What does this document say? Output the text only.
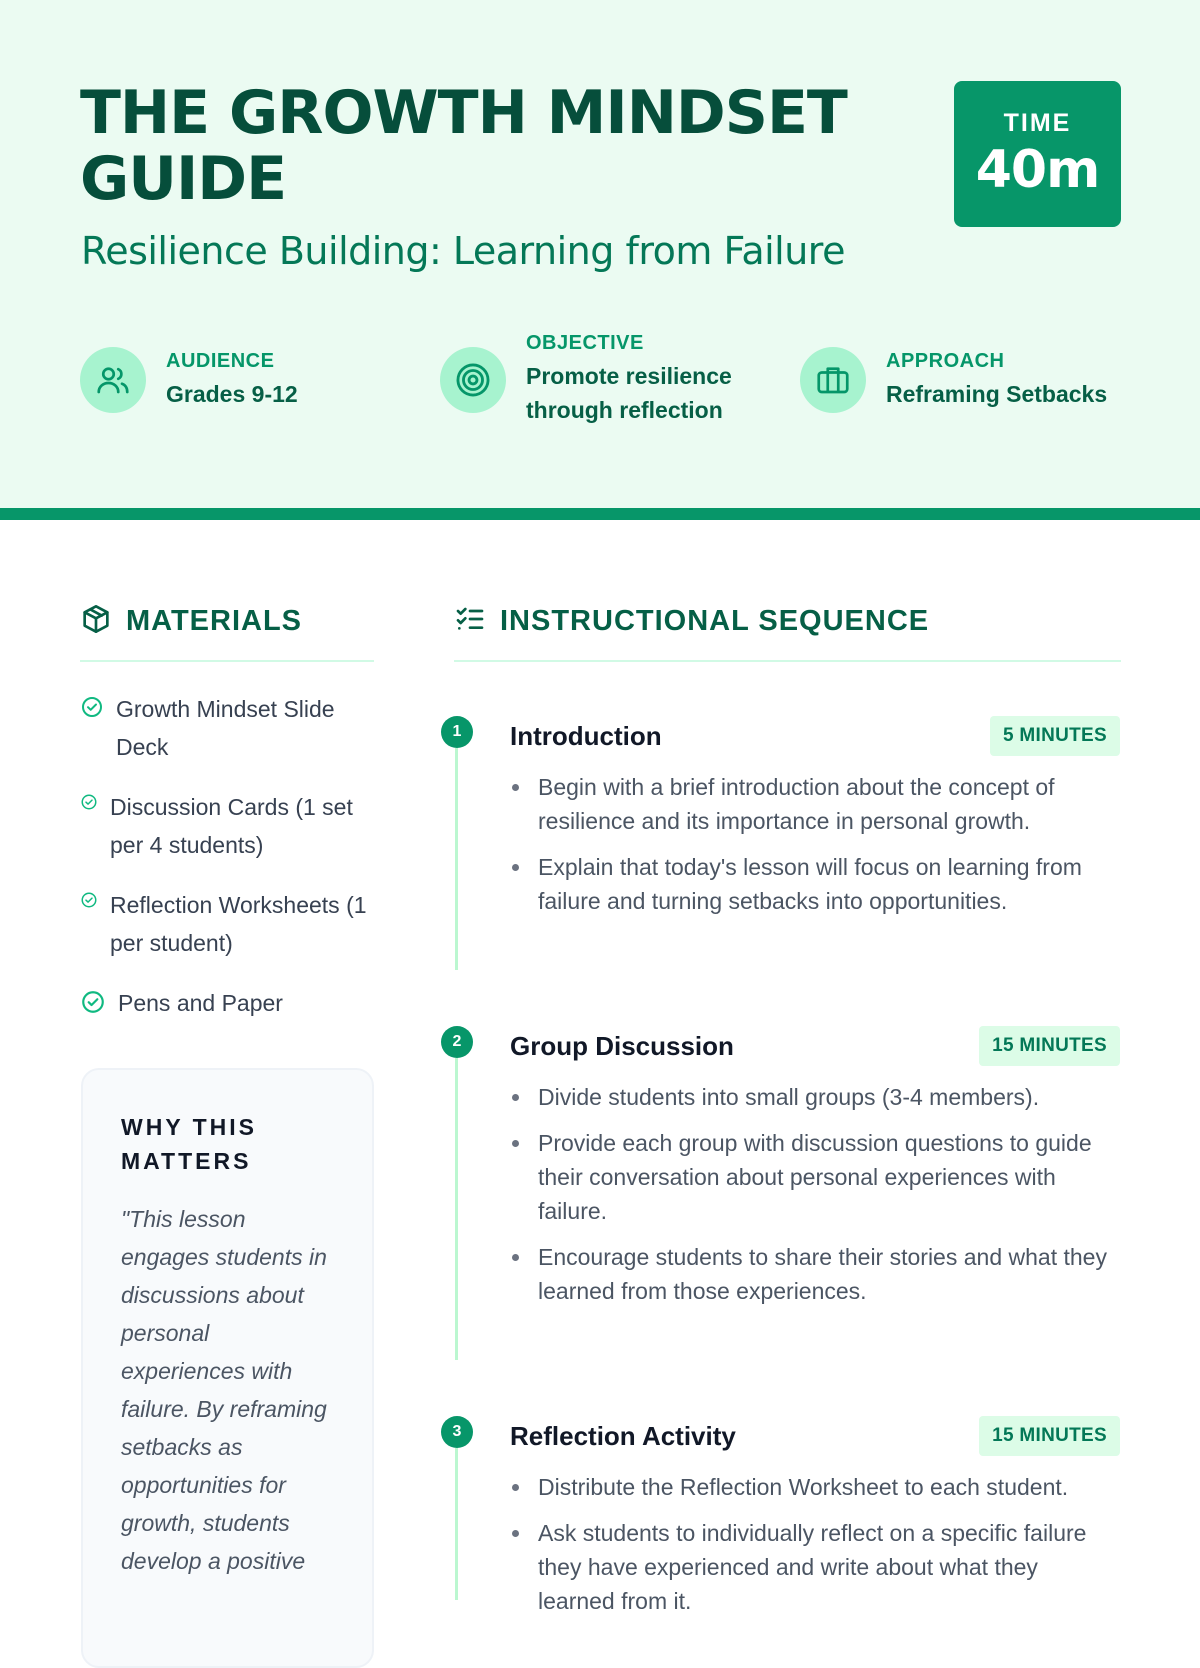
THE GROWTH MINDSET GUIDE
Resilience Building: Learning from Failure
TIME
40m
AUDIENCE
Grades 9-12
OBJECTIVE
Promote resilience through reflection
APPROACH
Reframing Setbacks
MATERIALS
Growth Mindset Slide Deck
Discussion Cards (1 set per 4 students)
Reflection Worksheets (1 per student)
Pens and Paper
WHY THIS MATTERS
"This lesson engages students in discussions about personal experiences with failure. By reframing setbacks as opportunities for growth, students develop a positive
INSTRUCTIONAL SEQUENCE
1	Introduction	5 MINUTES
Begin with a brief introduction about the concept of resilience and its importance in personal growth.
Explain that today's lesson will focus on learning from failure and turning setbacks into opportunities.
2	Group Discussion	15 MINUTES
Divide students into small groups (3-4 members).
Provide each group with discussion questions to guide their conversation about personal experiences with failure.
Encourage students to share their stories and what they learned from those experiences.
3	Reflection Activity	15 MINUTES
Distribute the Reflection Worksheet to each student.
Ask students to individually reflect on a specific failure they have experienced and write about what they learned from it.
